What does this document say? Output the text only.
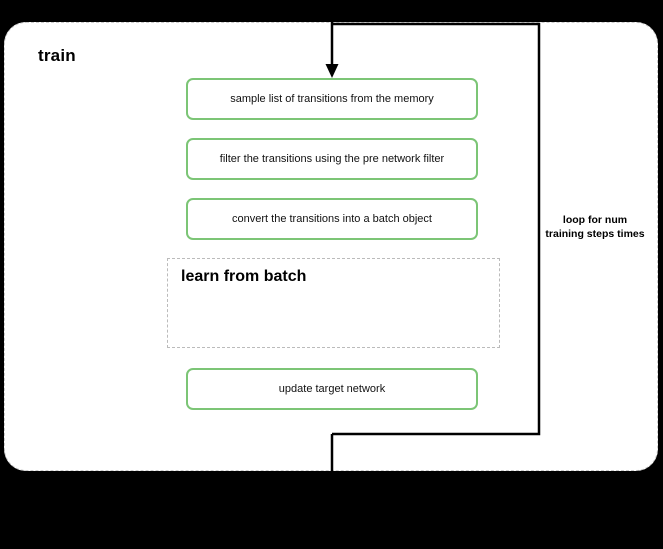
train
sample list of transitions from the memory
filter the transitions using the pre network filter
convert the transitions into a batch object
learn from batch
update target network
loop for num training steps times
